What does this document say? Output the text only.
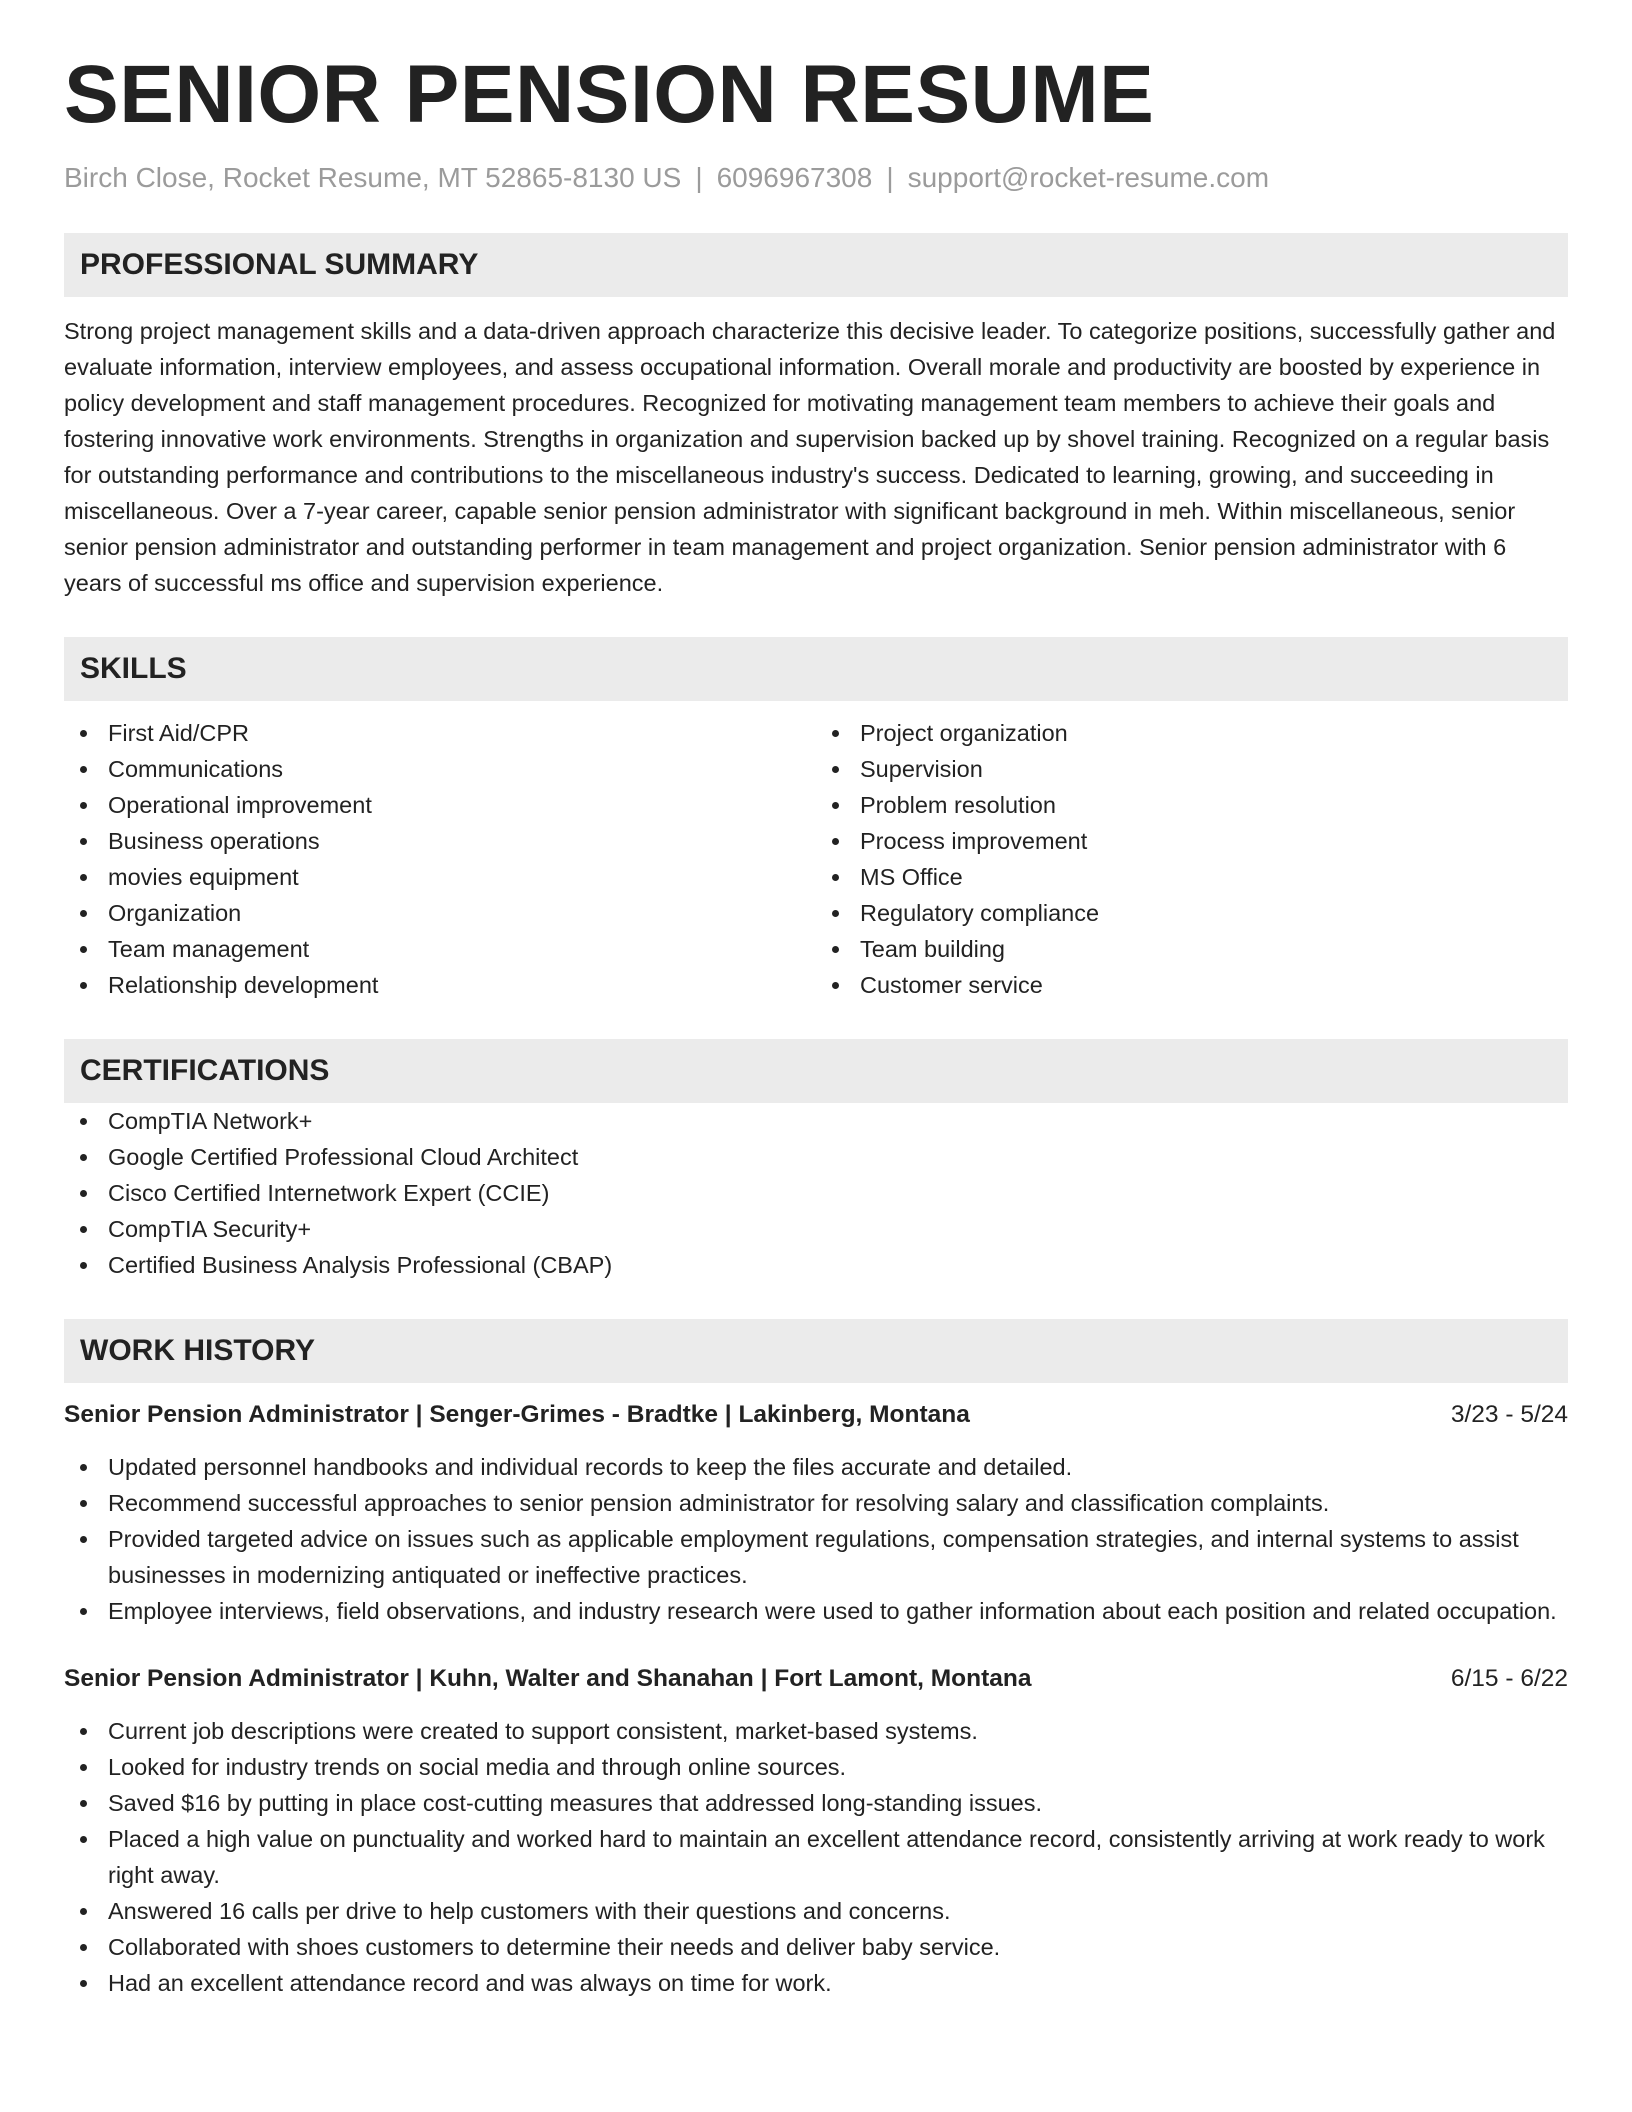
SENIOR PENSION RESUME
Birch Close, Rocket Resume, MT 52865-8130 US | 6096967308 | support@rocket-resume.com
PROFESSIONAL SUMMARY
Strong project management skills and a data-driven approach characterize this decisive leader. To categorize positions, successfully gather and evaluate information, interview employees, and assess occupational information. Overall morale and productivity are boosted by experience in policy development and staff management procedures. Recognized for motivating management team members to achieve their goals and fostering innovative work environments. Strengths in organization and supervision backed up by shovel training. Recognized on a regular basis for outstanding performance and contributions to the miscellaneous industry's success. Dedicated to learning, growing, and succeeding in miscellaneous. Over a 7-year career, capable senior pension administrator with significant background in meh. Within miscellaneous, senior senior pension administrator and outstanding performer in team management and project organization. Senior pension administrator with 6 years of successful ms office and supervision experience.
SKILLS
First Aid/CPR
Communications
Operational improvement
Business operations
movies equipment
Organization
Team management
Relationship development
Project organization
Supervision
Problem resolution
Process improvement
MS Office
Regulatory compliance
Team building
Customer service
CERTIFICATIONS
CompTIA Network+
Google Certified Professional Cloud Architect
Cisco Certified Internetwork Expert (CCIE)
CompTIA Security+
Certified Business Analysis Professional (CBAP)
WORK HISTORY
Senior Pension Administrator | Senger-Grimes - Bradtke | Lakinberg, Montana	3/23 - 5/24
Updated personnel handbooks and individual records to keep the files accurate and detailed.
Recommend successful approaches to senior pension administrator for resolving salary and classification complaints.
Provided targeted advice on issues such as applicable employment regulations, compensation strategies, and internal systems to assist businesses in modernizing antiquated or ineffective practices.
Employee interviews, field observations, and industry research were used to gather information about each position and related occupation.
Senior Pension Administrator | Kuhn, Walter and Shanahan | Fort Lamont, Montana	6/15 - 6/22
Current job descriptions were created to support consistent, market-based systems.
Looked for industry trends on social media and through online sources.
Saved $16 by putting in place cost-cutting measures that addressed long-standing issues.
Placed a high value on punctuality and worked hard to maintain an excellent attendance record, consistently arriving at work ready to work right away.
Answered 16 calls per drive to help customers with their questions and concerns.
Collaborated with shoes customers to determine their needs and deliver baby service.
Had an excellent attendance record and was always on time for work.
